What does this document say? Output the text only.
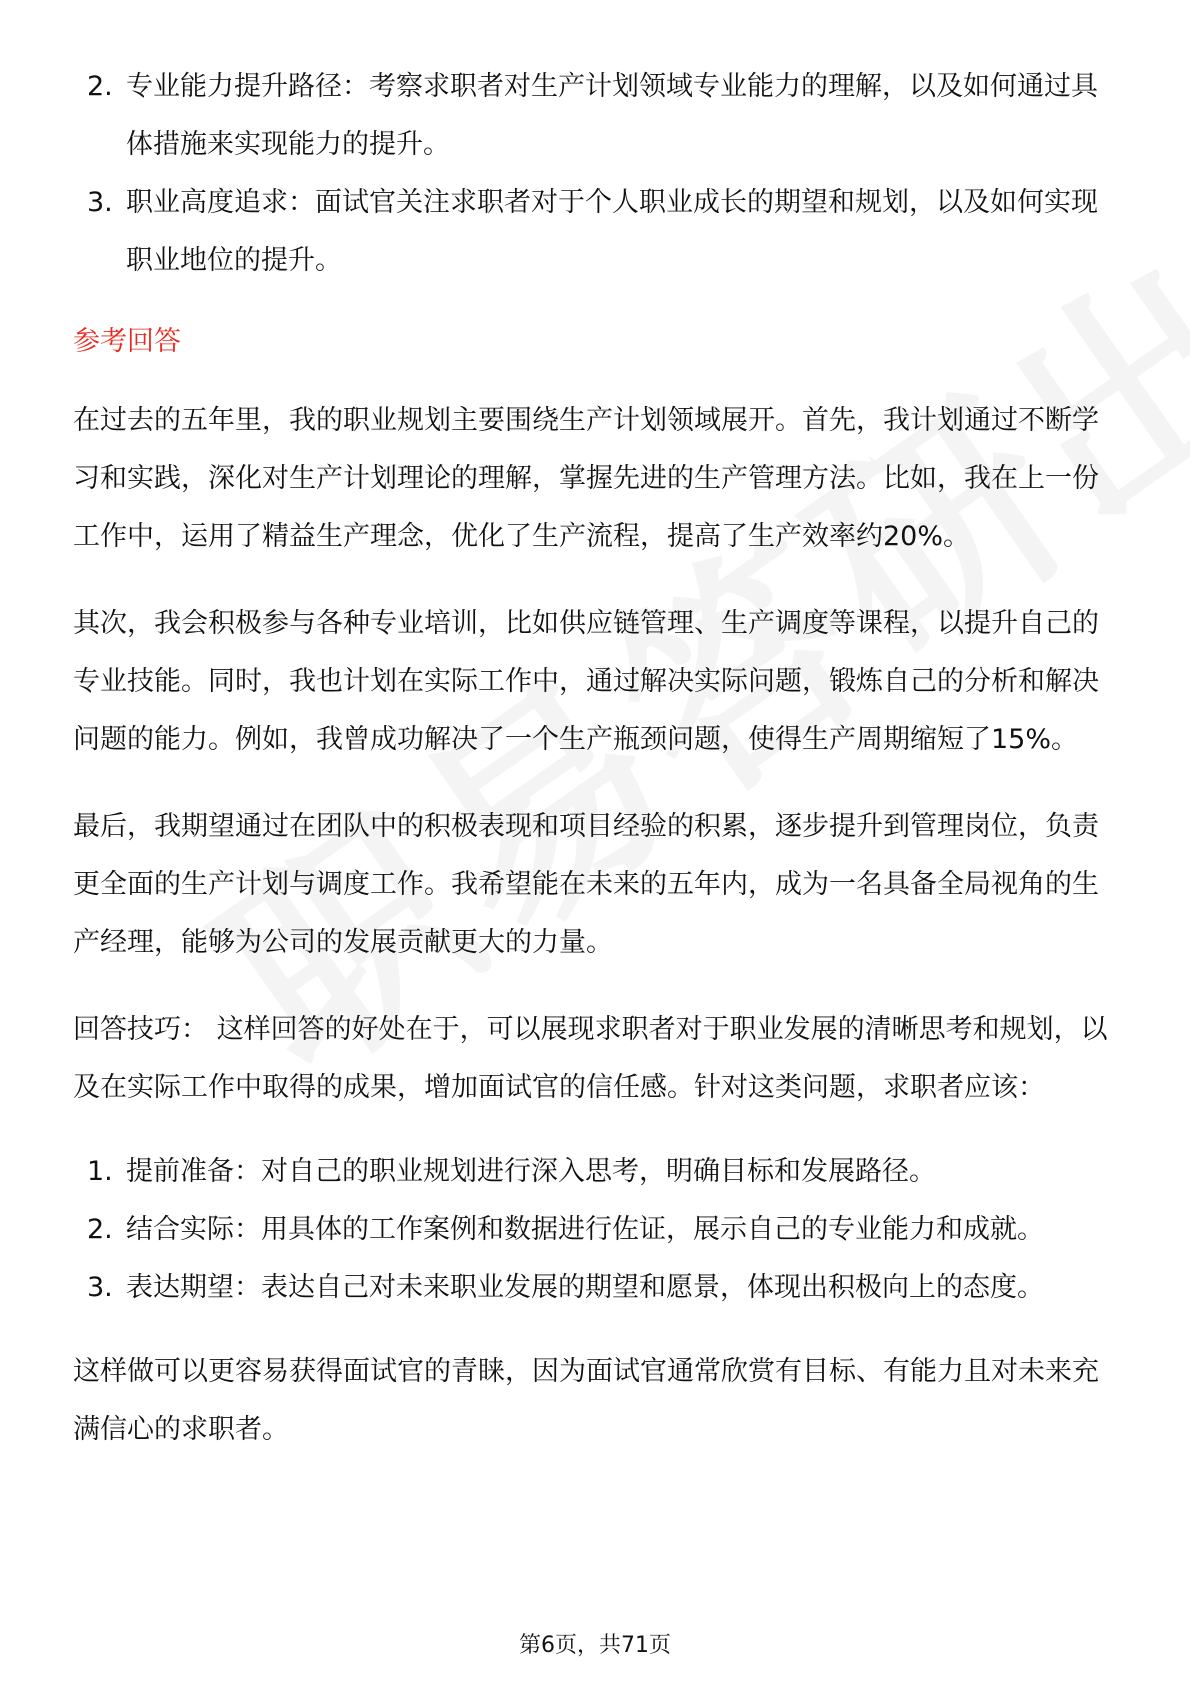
2. 专业能力提升路径：考察求职者对生产计划领域专业能力的理解，以及如何通过具体措施来实现能力的提升。
3. 职业高度追求：面试官关注求职者对于个人职业成长的期望和规划，以及如何实现职业地位的提升。
参考回答

在过去的五年里，我的职业规划主要围绕生产计划领域展开。首先，我计划通过不断学习和实践，深化对生产计划理论的理解，掌握先进的生产管理方法。比如，我在上一份工作中，运用了精益生产理念，优化了生产流程，提高了生产效率约20%。

其次，我会积极参与各种专业培训，比如供应链管理、生产调度等课程，以提升自己的专业技能。同时，我也计划在实际工作中，通过解决实际问题，锻炼自己的分析和解决问题的能力。例如，我曾成功解决了一个生产瓶颈问题，使得生产周期缩短了15%。

最后，我期望通过在团队中的积极表现和项目经验的积累，逐步提升到管理岗位，负责更全面的生产计划与调度工作。我希望能在未来的五年内，成为一名具备全局视角的生产经理，能够为公司的发展贡献更大的力量。

回答技巧： 这样回答的好处在于，可以展现求职者对于职业发展的清晰思考和规划，以及在实际工作中取得的成果，增加面试官的信任感。针对这类问题，求职者应该：

1. 提前准备：对自己的职业规划进行深入思考，明确目标和发展路径。
2. 结合实际：用具体的工作案例和数据进行佐证，展示自己的专业能力和成就。
3. 表达期望：表达自己对未来职业发展的期望和愿景，体现出积极向上的态度。

这样做可以更容易获得面试官的青睐，因为面试官通常欣赏有目标、有能力且对未来充满信心的求职者。

第6页，共71页
